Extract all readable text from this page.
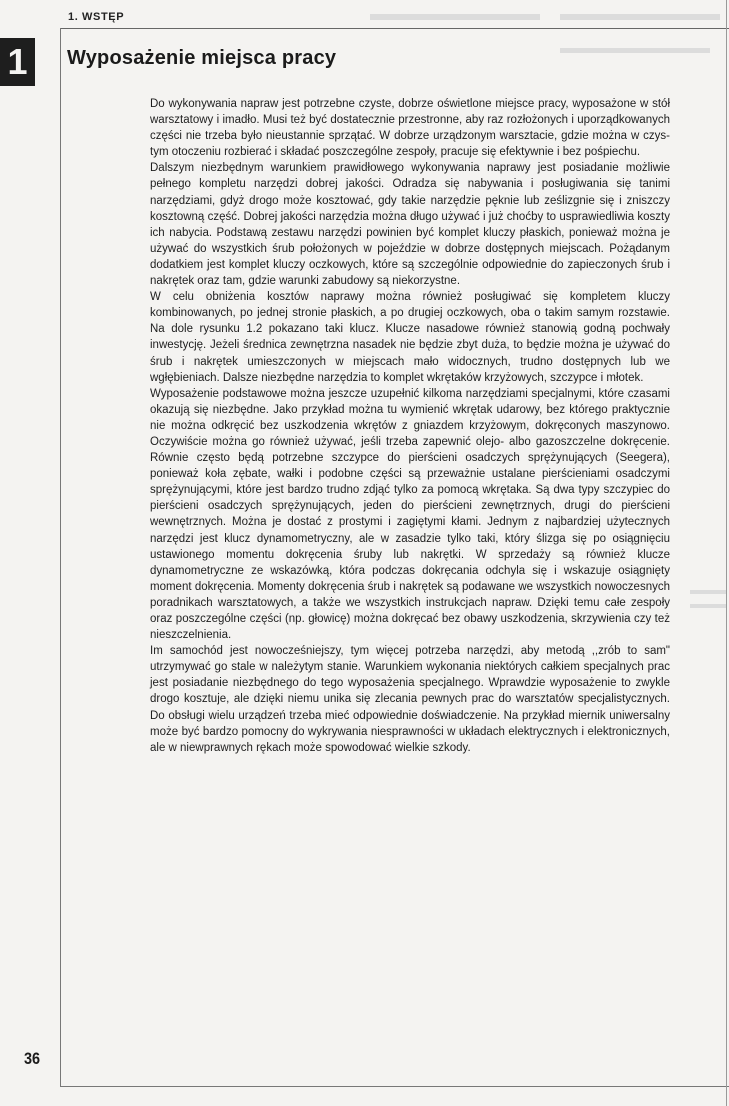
1. WSTĘP
1 Wyposażenie miejsca pracy

Do wykonywania napraw jest potrzebne czyste, dobrze oświetlone miejsce pracy, wyposażone w stół warsztatowy i imadło. Musi też być dostatecznie przestronne, aby raz rozłożonych i uporządkowanych części nie trzeba było nieustannie sprzątać. W dobrze urządzonym warsztacie, gdzie można w czystym otoczeniu rozbierać i składać poszczególne zespoły, pracuje się efektywnie i bez pośpiechu.

Dalszym niezbędnym warunkiem prawidłowego wykonywania naprawy jest posiadanie możliwie pełnego kompletu narzędzi dobrej jakości. Odradza się nabywania i posługiwania się tanimi narzędziami, gdyż drogo może kosztować, gdy takie narzędzie pęknie lub ześlizgnie się i zniszczy kosztowną część. Dobrej jakości narzędzia można długo używać i już choćby to usprawiedliwia koszty ich nabycia. Podstawą zestawu narzędzi powinien być komplet kluczy płaskich, ponieważ można je używać do wszystkich śrub położonych w pojeździe w dobrze dostępnych miejscach. Pożądanym dodatkiem jest komplet kluczy oczkowych, które są szczególnie odpowiednie do zapieczonych śrub i nakrętek oraz tam, gdzie warunki zabudowy są niekorzystne.

W celu obniżenia kosztów naprawy można również posługiwać się kompletem kluczy kombinowanych, po jednej stronie płaskich, a po drugiej oczkowych, oba o takim samym rozstawie. Na dole rysunku 1.2 pokazano taki klucz. Klucze nasadowe również stanowią godną pochwały inwestycję. Jeżeli średnica zewnętrzna nasadek nie będzie zbyt duża, to będzie można je używać do śrub i nakrętek umieszczonych w miejscach mało widocznych, trudno dostępnych lub we wgłębieniach. Dalsze niezbędne narzędzia to komplet wkrętaków krzyżowych, szczypce i młotek.

Wyposażenie podstawowe można jeszcze uzupełnić kilkoma narzędziami specjalnymi, które czasami okazują się niezbędne. Jako przykład można tu wymienić wkrętak udarowy, bez którego praktycznie nie można odkręcić bez uszkodzenia wkrętów z gniazdem krzyżowym, dokręconych maszynowo. Oczywiście można go również używać, jeśli trzeba zapewnić olejo- albo gazoszczelne dokręcenie. Równie często będą potrzebne szczypce do pierścieni osadczych sprężynujących (Seegera), ponieważ koła zębate, wałki i podobne części są przeważnie ustalane pierścieniami osadczymi sprężynującymi, które jest bardzo trudno zdjąć tylko za pomocą wkrętaka. Są dwa typy szczypiec do pierścieni osadczych sprężynujących, jeden do pierścieni zewnętrznych, drugi do pierścieni wewnętrznych. Można je dostać z prostymi i zagiętymi kłami. Jednym z najbardziej użytecznych narzędzi jest klucz dynamometryczny, ale w zasadzie tylko taki, który ślizga się po osiągnięciu ustawionego momentu dokręcenia śruby lub nakrętki. W sprzedaży są również klucze dynamometryczne ze wskazówką, która podczas dokręcania odchyla się i wskazuje osiągnięty moment dokręcenia. Momenty dokręcenia śrub i nakrętek są podawane we wszystkich nowoczesnych poradnikach warsztatowych, a także we wszystkich instrukcjach napraw. Dzięki temu całe zespoły oraz poszczególne części (np. głowicę) można dokręcać bez obawy uszkodzenia, skrzywienia czy też nieszczelnienia.

Im samochód jest nowocześniejszy, tym więcej potrzeba narzędzi, aby metodą ,,zrób to sam" utrzymywać go stale w należytym stanie. Warunkiem wykonania niektórych całkiem specjalnych prac jest posiadanie niezbędnego do tego wyposażenia specjalnego. Wprawdzie wyposażenie to zwykle drogo kosztuje, ale dzięki niemu unika się zlecania pewnych prac do warsztatów specjalistycznych. Do obsługi wielu urządzeń trzeba mieć odpowiednie doświadczenie. Na przykład miernik uniwersalny może być bardzo pomocny do wykrywania niesprawności w układach elektrycznych i elektronicznych, ale w niewprawnych rękach może spowodować wielkie szkody.

36
